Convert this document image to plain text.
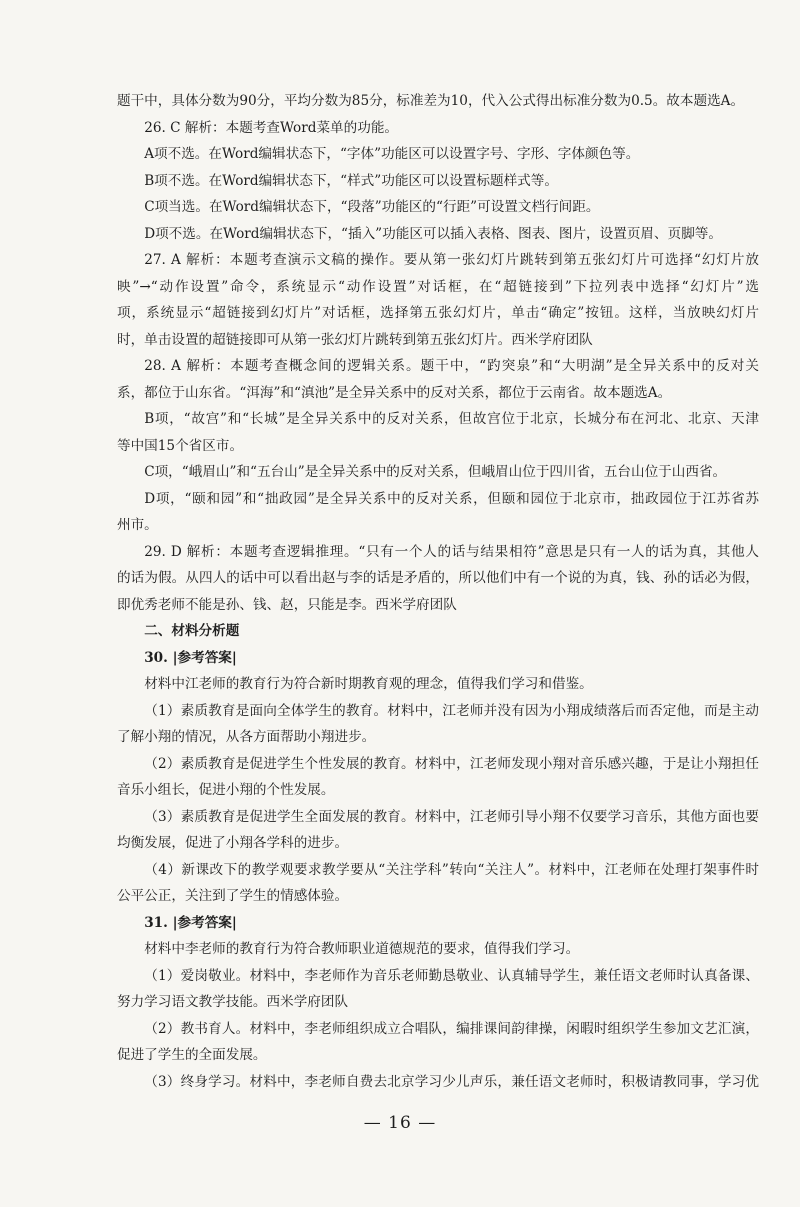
题干中，具体分数为90分，平均分数为85分，标准差为10，代入公式得出标准分数为0.5。故本题选A。
26. C 解析：本题考查Word菜单的功能。
A项不选。在Word编辑状态下，“字体”功能区可以设置字号、字形、字体颜色等。
B项不选。在Word编辑状态下，“样式”功能区可以设置标题样式等。
C项当选。在Word编辑状态下，“段落”功能区的“行距”可设置文档行间距。
D项不选。在Word编辑状态下，“插入”功能区可以插入表格、图表、图片，设置页眉、页脚等。
27. A 解析：本题考查演示文稿的操作。要从第一张幻灯片跳转到第五张幻灯片可选择“幻灯片放
映”→“动作设置”命令，系统显示“动作设置”对话框，在“超链接到”下拉列表中选择“幻灯片”选
项，系统显示“超链接到幻灯片”对话框，选择第五张幻灯片，单击“确定”按钮。这样，当放映幻灯片
时，单击设置的超链接即可从第一张幻灯片跳转到第五张幻灯片。西米学府团队
28. A 解析：本题考查概念间的逻辑关系。题干中，“趵突泉”和“大明湖”是全异关系中的反对关
系，都位于山东省。“洱海”和“滇池”是全异关系中的反对关系，都位于云南省。故本题选A。
B项，“故宫”和“长城”是全异关系中的反对关系，但故宫位于北京，长城分布在河北、北京、天津
等中国15个省区市。
C项，“峨眉山”和“五台山”是全异关系中的反对关系，但峨眉山位于四川省，五台山位于山西省。
D项，“颐和园”和“拙政园”是全异关系中的反对关系，但颐和园位于北京市，拙政园位于江苏省苏
州市。
29. D 解析：本题考查逻辑推理。“只有一个人的话与结果相符”意思是只有一人的话为真，其他人
的话为假。从四人的话中可以看出赵与李的话是矛盾的，所以他们中有一个说的为真，钱、孙的话必为假，
即优秀老师不能是孙、钱、赵，只能是李。西米学府团队
二、材料分析题
30. |参考答案|
材料中江老师的教育行为符合新时期教育观的理念，值得我们学习和借鉴。
（1）素质教育是面向全体学生的教育。材料中，江老师并没有因为小翔成绩落后而否定他，而是主动
了解小翔的情况，从各方面帮助小翔进步。
（2）素质教育是促进学生个性发展的教育。材料中，江老师发现小翔对音乐感兴趣，于是让小翔担任
音乐小组长，促进小翔的个性发展。
（3）素质教育是促进学生全面发展的教育。材料中，江老师引导小翔不仅要学习音乐，其他方面也要
均衡发展，促进了小翔各学科的进步。
（4）新课改下的教学观要求教学要从“关注学科”转向“关注人”。材料中，江老师在处理打架事件时
公平公正，关注到了学生的情感体验。
31. |参考答案|
材料中李老师的教育行为符合教师职业道德规范的要求，值得我们学习。
（1）爱岗敬业。材料中，李老师作为音乐老师勤恳敬业、认真辅导学生，兼任语文老师时认真备课、
努力学习语文教学技能。西米学府团队
（2）教书育人。材料中，李老师组织成立合唱队，编排课间韵律操，闲暇时组织学生参加文艺汇演，
促进了学生的全面发展。
（3）终身学习。材料中，李老师自费去北京学习少儿声乐，兼任语文老师时，积极请教同事，学习优
— 16 —
